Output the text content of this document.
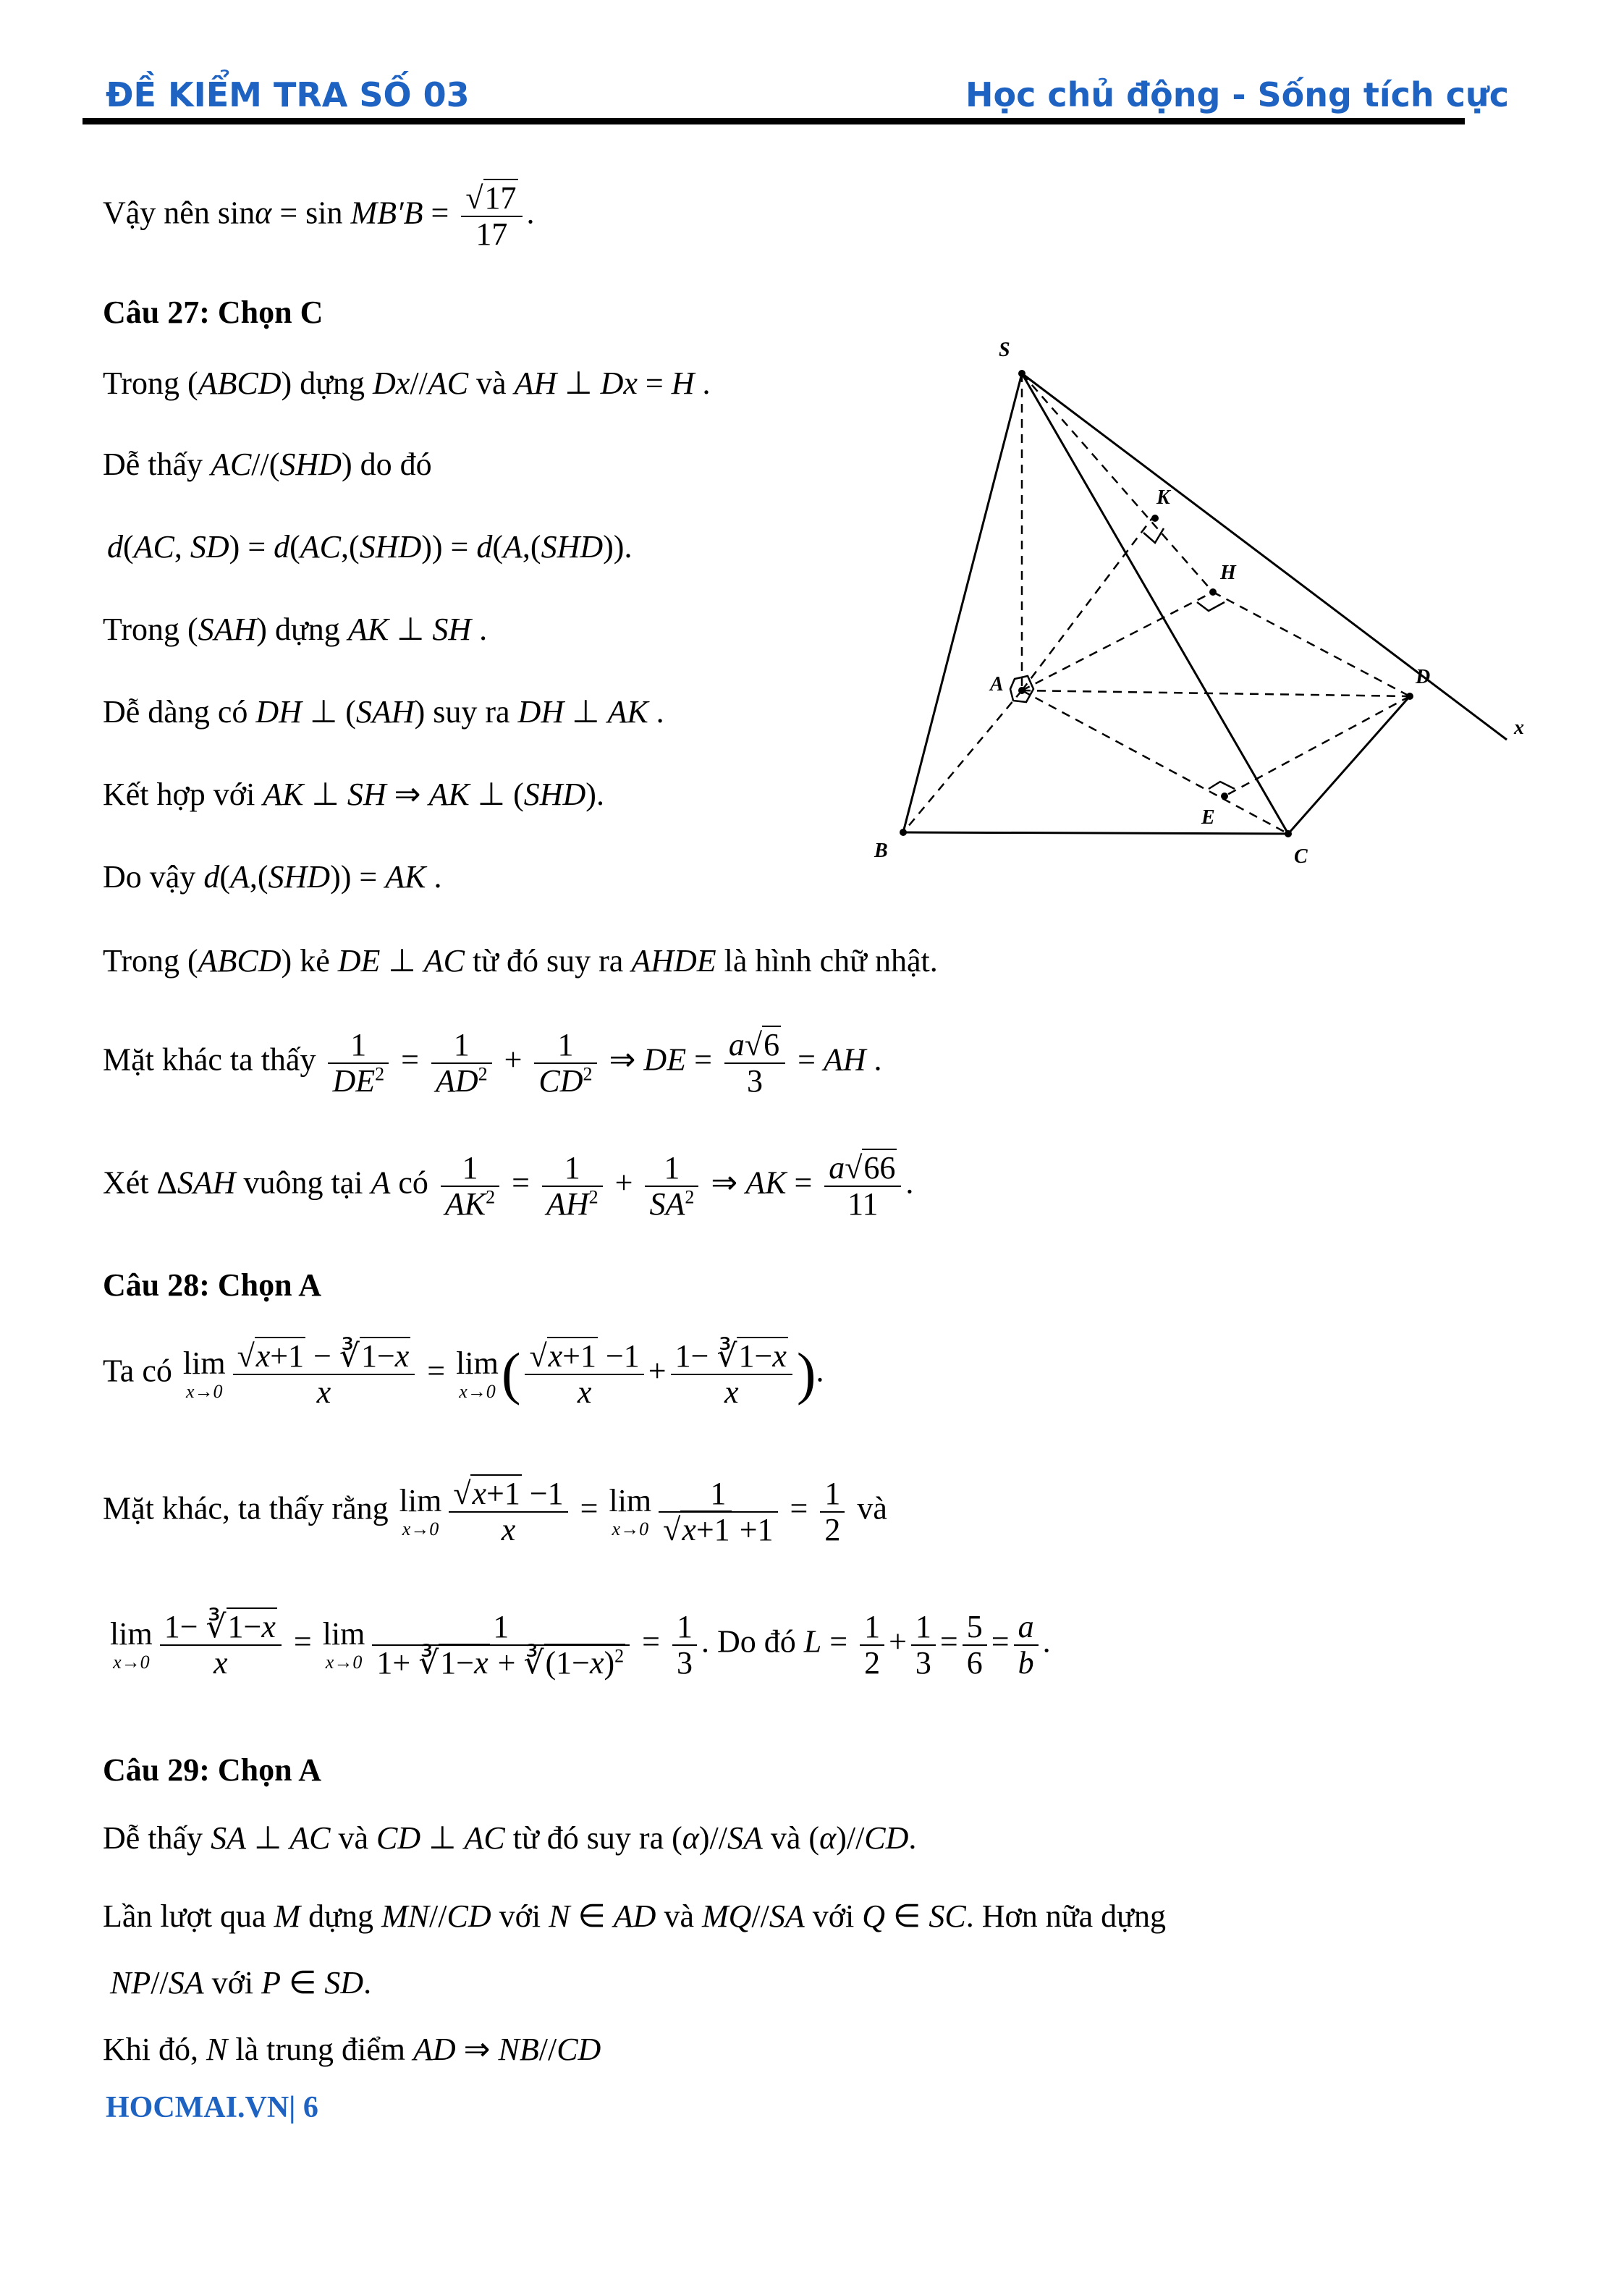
ĐỀ KIỂM TRA SỐ 03	Học chủ động - Sống tích cực
Vậy nên $\sin\alpha = \sin MB'B = \frac{√17}{17}$ .
Câu 27: Chọn C
Trong (ABCD) dựng Dx//AC và AH ⊥ Dx = H .
Dễ thấy AC//(SHD) do đó
d(AC, SD) = d(AC,(SHD)) = d(A,(SHD)).
Trong (SAH) dựng AK ⊥ SH .
Dễ dàng có DH ⊥ (SAH) suy ra DH ⊥ AK .
Kết hợp với AK ⊥ SH ⇒ AK ⊥ (SHD).
Do vậy d(A,(SHD)) = AK .
Trong (ABCD) kẻ DE ⊥ AC từ đó suy ra AHDE là hình chữ nhật.
Mặt khác ta thấy $\frac{1}{DE^2} = \frac{1}{AD^2} + \frac{1}{CD^2}$ ⇒ DE = $\frac{a√6}{3}$ = AH .
Xét ΔSAH vuông tại A có $\frac{1}{AK^2} = \frac{1}{AH^2} + \frac{1}{SA^2}$ ⇒ AK = $\frac{a√66}{11}$ .
Câu 28: Chọn A
Ta có lim
$x\to 0 \frac{√x+1 - ∛1-x}{x} = \lim$
x→0 ( $\frac{√x+1 -1}{x} + \frac{1- ∛1-x}{x}$ ).
Mặt khác, ta thấy rằng lim
$x\to 0 \frac{√x+1 -1}{x} = \lim$
$x\to 0 \frac{1}{√x+1 +1} = \frac{1}{2}$ và
lim
$x\to 0 \frac{1- ∛1-x}{x} = \lim$
$x\to 0 \frac{1}{1+ ∛1-x + ∛(1-x)^2} = \frac{1}{3}$ . Do đó $L = \frac{1}{2} + \frac{1}{3} = \frac{5}{6} = \frac{a}{b}$ .
Câu 29: Chọn A
Dễ thấy SA ⊥ AC và CD ⊥ AC từ đó suy ra (α)//SA và (α)//CD.
Lần lượt qua M dựng MN//CD với N ∈ AD và MQ//SA với Q ∈ SC. Hơn nữa dựng
NP//SA với P ∈ SD.
Khi đó, N là trung điểm AD ⇒ NB//CD
HOCMAI.VN| 6
S
K
H
A	D
x
E
B	C
